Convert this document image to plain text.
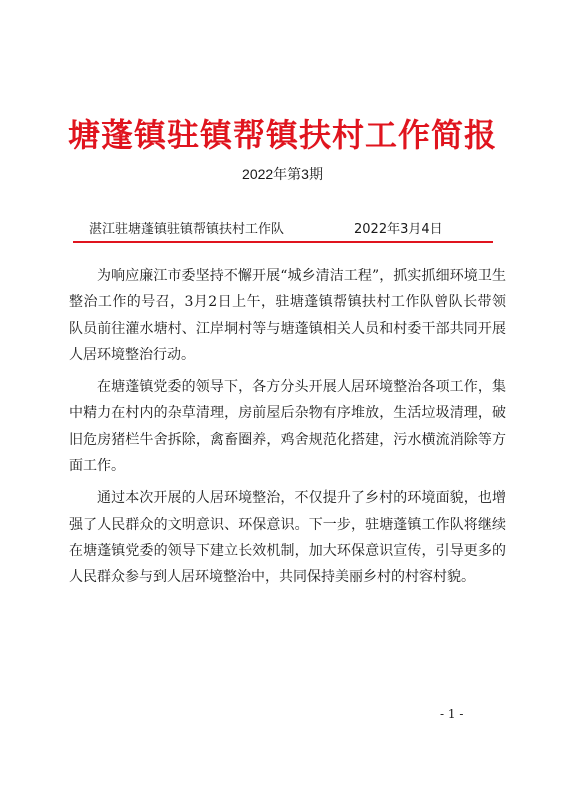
塘蓬镇驻镇帮镇扶村工作简报
2022年第3期
湛江驻塘蓬镇驻镇帮镇扶村工作队	2022年3月4日

为响应廉江市委坚持不懈开展“城乡清洁工程”，抓实抓细环境卫生整治工作的号召，3月2日上午，驻塘蓬镇帮镇扶村工作队曾队长带领队员前往灌水塘村、江岸垌村等与塘蓬镇相关人员和村委干部共同开展人居环境整治行动。

在塘蓬镇党委的领导下，各方分头开展人居环境整治各项工作，集中精力在村内的杂草清理，房前屋后杂物有序堆放，生活垃圾清理，破旧危房猪栏牛舍拆除，禽畜圈养，鸡舍规范化搭建，污水横流消除等方面工作。

通过本次开展的人居环境整治，不仅提升了乡村的环境面貌，也增强了人民群众的文明意识、环保意识。下一步，驻塘蓬镇工作队将继续在塘蓬镇党委的领导下建立长效机制，加大环保意识宣传，引导更多的人民群众参与到人居环境整治中，共同保持美丽乡村的村容村貌。

- 1 -
